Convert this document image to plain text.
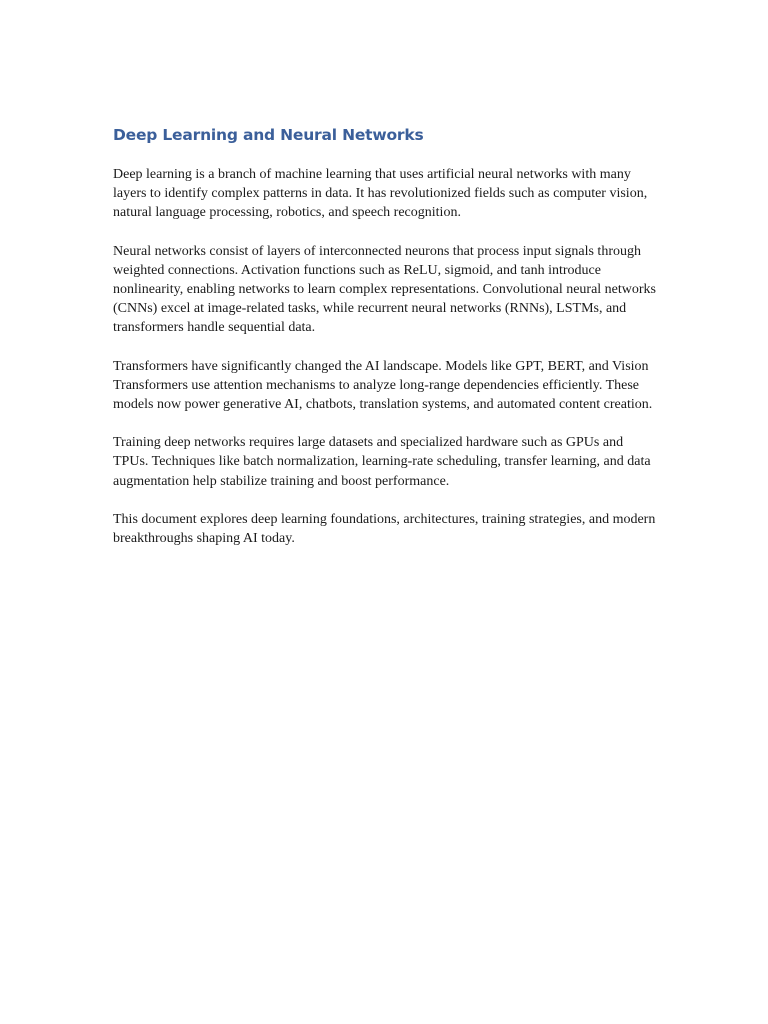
Deep Learning and Neural Networks

Deep learning is a branch of machine learning that uses artificial neural networks with many layers to identify complex patterns in data. It has revolutionized fields such as computer vision, natural language processing, robotics, and speech recognition.

Neural networks consist of layers of interconnected neurons that process input signals through weighted connections. Activation functions such as ReLU, sigmoid, and tanh introduce nonlinearity, enabling networks to learn complex representations. Convolutional neural networks (CNNs) excel at image-related tasks, while recurrent neural networks (RNNs), LSTMs, and transformers handle sequential data.

Transformers have significantly changed the AI landscape. Models like GPT, BERT, and Vision Transformers use attention mechanisms to analyze long-range dependencies efficiently. These models now power generative AI, chatbots, translation systems, and automated content creation.

Training deep networks requires large datasets and specialized hardware such as GPUs and TPUs. Techniques like batch normalization, learning-rate scheduling, transfer learning, and data augmentation help stabilize training and boost performance.

This document explores deep learning foundations, architectures, training strategies, and modern breakthroughs shaping AI today.
